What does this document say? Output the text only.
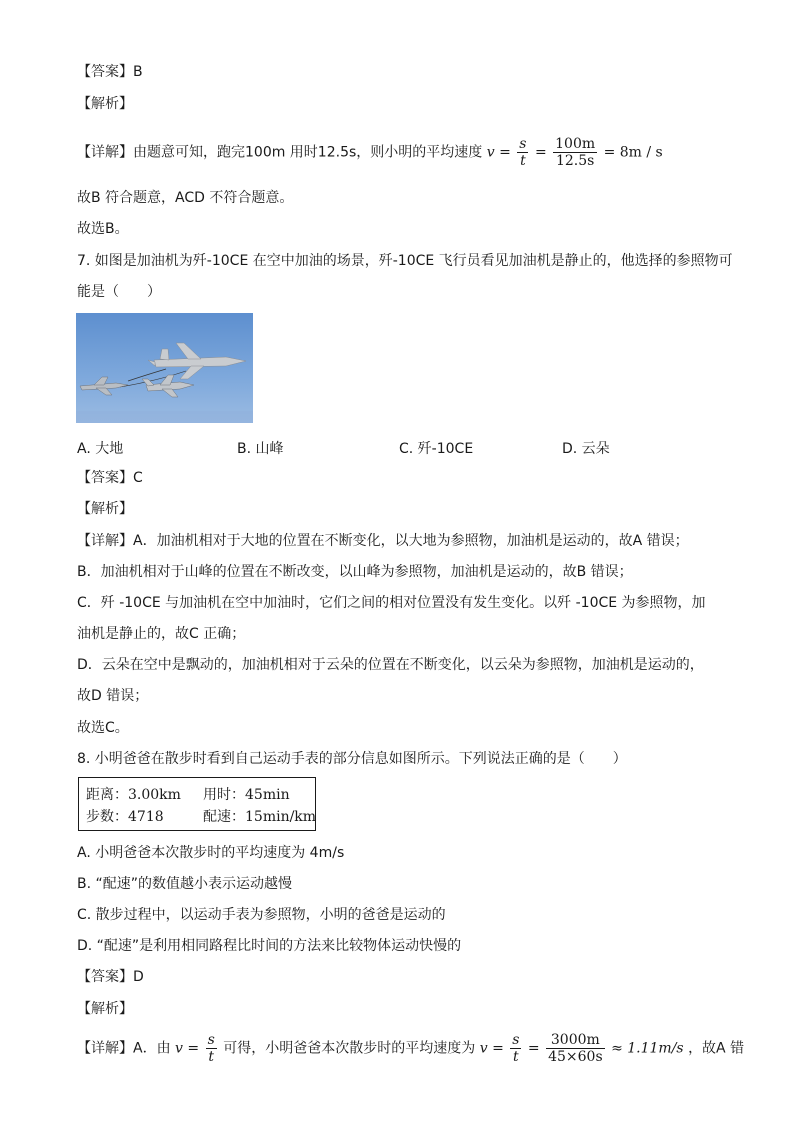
【答案】B
【解析】
【详解】由题意可知，跑完100m 用时12.5s，则小明的平均速度 $v = \frac{s}{t} = \frac{100m}{12.5s} = 8m / s$
故B 符合题意，ACD 不符合题意。
故选B。
7. 如图是加油机为歼-10CE 在空中加油的场景，歼-10CE 飞行员看见加油机是静止的，他选择的参照物可
能是（　　）
A. 大地	B. 山峰	C. 歼-10CE	D. 云朵
【答案】C
【解析】
【详解】A．加油机相对于大地的位置在不断变化，以大地为参照物，加油机是运动的，故A 错误；
B．加油机相对于山峰的位置在不断改变，以山峰为参照物，加油机是运动的，故B 错误；
C．歼 -10CE 与加油机在空中加油时，它们之间的相对位置没有发生变化。以歼 -10CE 为参照物，加
油机是静止的，故C 正确；
D．云朵在空中是飘动的，加油机相对于云朵的位置在不断变化，以云朵为参照物，加油机是运动的，
故D 错误；
故选C。
8. 小明爸爸在散步时看到自己运动手表的部分信息如图所示。下列说法正确的是（　　）
距离：3.00km 用时：45min
步数：4718	配速：15min/km
A. 小明爸爸本次散步时的平均速度为 4m/s
B. “配速”的数值越小表示运动越慢
C. 散步过程中，以运动手表为参照物，小明的爸爸是运动的
D. “配速”是利用相同路程比时间的方法来比较物体运动快慢的
【答案】D
【解析】
【详解】A．由 $v = \frac{s}{t}$ 可得，小明爸爸本次散步时的平均速度为 $v = \frac{s}{t} = \frac{3000m}{45\times 60s} \approx 1.11m/s$ ，故A 错
